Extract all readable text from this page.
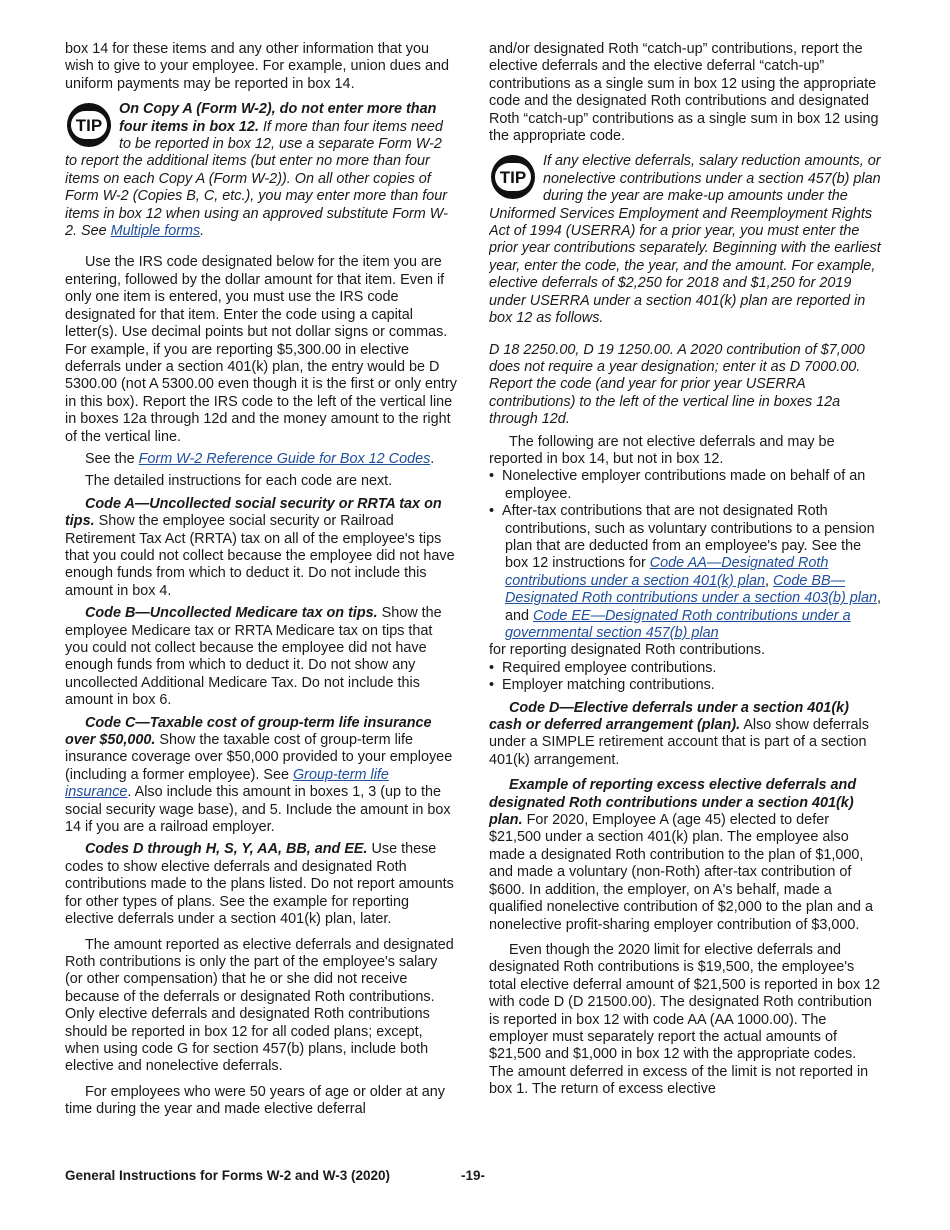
box 14 for these items and any other information that you wish to give to your employee. For example, union dues and uniform payments may be reported in box 14.

TIP

On Copy A (Form W-2), do not enter more than four items in box 12. If more than four items need to be reported in box 12, use a separate Form W-2 to report the additional items (but enter no more than four items on each Copy A (Form W-2)). On all other copies of Form W-2 (Copies B, C, etc.), you may enter more than four items in box 12 when using an approved substitute Form W-2. See Multiple forms.

Use the IRS code designated below for the item you are entering, followed by the dollar amount for that item. Even if only one item is entered, you must use the IRS code designated for that item. Enter the code using a capital letter(s). Use decimal points but not dollar signs or commas. For example, if you are reporting $5,300.00 in elective deferrals under a section 401(k) plan, the entry would be D 5300.00 (not A 5300.00 even though it is the first or only entry in this box). Report the IRS code to the left of the vertical line in boxes 12a through 12d and the money amount to the right of the vertical line.

See the Form W-2 Reference Guide for Box 12 Codes.

The detailed instructions for each code are next.

Code A—Uncollected social security or RRTA tax on tips. Show the employee social security or Railroad Retirement Tax Act (RRTA) tax on all of the employee's tips that you could not collect because the employee did not have enough funds from which to deduct it. Do not include this amount in box 4.

Code B—Uncollected Medicare tax on tips. Show the employee Medicare tax or RRTA Medicare tax on tips that you could not collect because the employee did not have enough funds from which to deduct it. Do not show any uncollected Additional Medicare Tax. Do not include this amount in box 6.

Code C—Taxable cost of group-term life insurance over $50,000. Show the taxable cost of group-term life insurance coverage over $50,000 provided to your employee (including a former employee). See Group-term life insurance. Also include this amount in boxes 1, 3 (up to the social security wage base), and 5. Include the amount in box 14 if you are a railroad employer.

Codes D through H, S, Y, AA, BB, and EE. Use these codes to show elective deferrals and designated Roth contributions made to the plans listed. Do not report amounts for other types of plans. See the example for reporting elective deferrals under a section 401(k) plan, later.

The amount reported as elective deferrals and designated Roth contributions is only the part of the employee's salary (or other compensation) that he or she did not receive because of the deferrals or designated Roth contributions. Only elective deferrals and designated Roth contributions should be reported in box 12 for all coded plans; except, when using code G for section 457(b) plans, include both elective and nonelective deferrals.

For employees who were 50 years of age or older at any time during the year and made elective deferral

and/or designated Roth “catch-up” contributions, report the elective deferrals and the elective deferral “catch-up” contributions as a single sum in box 12 using the appropriate code and the designated Roth contributions and designated Roth “catch-up” contributions as a single sum in box 12 using the appropriate code.

TIP

If any elective deferrals, salary reduction amounts, or nonelective contributions under a section 457(b) plan during the year are make-up amounts under the Uniformed Services Employment and Reemployment Rights Act of 1994 (USERRA) for a prior year, you must enter the prior year contributions separately. Beginning with the earliest year, enter the code, the year, and the amount. For example, elective deferrals of $2,250 for 2018 and $1,250 for 2019 under USERRA under a section 401(k) plan are reported in box 12 as follows.

D 18 2250.00, D 19 1250.00. A 2020 contribution of $7,000 does not require a year designation; enter it as D 7000.00. Report the code (and year for prior year USERRA contributions) to the left of the vertical line in boxes 12a through 12d.

The following are not elective deferrals and may be reported in box 14, but not in box 12.

• Nonelective employer contributions made on behalf of an employee.

• After-tax contributions that are not designated Roth contributions, such as voluntary contributions to a pension plan that are deducted from an employee's pay. See the box 12 instructions for Code AA—Designated Roth contributions under a section 401(k) plan, Code BB—Designated Roth contributions under a section 403(b) plan, and Code EE—Designated Roth contributions under a governmental section 457(b) plan

for reporting designated Roth contributions.

• Required employee contributions.

• Employer matching contributions.

Code D—Elective deferrals under a section 401(k) cash or deferred arrangement (plan). Also show deferrals under a SIMPLE retirement account that is part of a section 401(k) arrangement.

Example of reporting excess elective deferrals and designated Roth contributions under a section 401(k) plan. For 2020, Employee A (age 45) elected to defer $21,500 under a section 401(k) plan. The employee also made a designated Roth contribution to the plan of $1,000, and made a voluntary (non-Roth) after-tax contribution of $600. In addition, the employer, on A's behalf, made a qualified nonelective contribution of $2,000 to the plan and a nonelective profit-sharing employer contribution of $3,000.

Even though the 2020 limit for elective deferrals and designated Roth contributions is $19,500, the employee's total elective deferral amount of $21,500 is reported in box 12 with code D (D 21500.00). The designated Roth contribution is reported in box 12 with code AA (AA 1000.00). The employer must separately report the actual amounts of $21,500 and $1,000 in box 12 with the appropriate codes. The amount deferred in excess of the limit is not reported in box 1. The return of excess elective

General Instructions for Forms W-2 and W-3 (2020)	-19-
